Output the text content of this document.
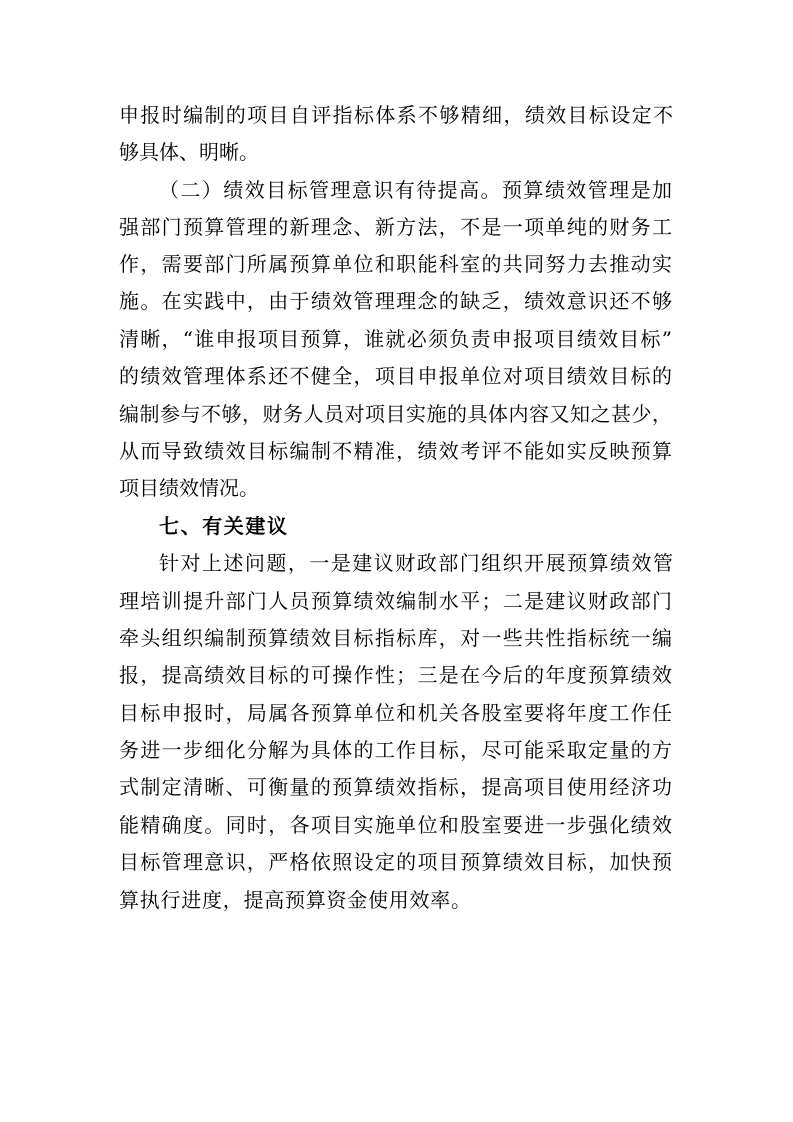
申报时编制的项目自评指标体系不够精细，绩效目标设定不
够具体、明晰。
（二）绩效目标管理意识有待提高。预算绩效管理是加
强部门预算管理的新理念、新方法，不是一项单纯的财务工
作，需要部门所属预算单位和职能科室的共同努力去推动实
施。在实践中，由于绩效管理理念的缺乏，绩效意识还不够
清晰，“谁申报项目预算，谁就必须负责申报项目绩效目标”
的绩效管理体系还不健全，项目申报单位对项目绩效目标的
编制参与不够，财务人员对项目实施的具体内容又知之甚少，
从而导致绩效目标编制不精准，绩效考评不能如实反映预算
项目绩效情况。
七、有关建议
针对上述问题，一是建议财政部门组织开展预算绩效管
理培训提升部门人员预算绩效编制水平；二是建议财政部门
牵头组织编制预算绩效目标指标库，对一些共性指标统一编
报，提高绩效目标的可操作性；三是在今后的年度预算绩效
目标申报时，局属各预算单位和机关各股室要将年度工作任
务进一步细化分解为具体的工作目标，尽可能采取定量的方
式制定清晰、可衡量的预算绩效指标，提高项目使用经济功
能精确度。同时，各项目实施单位和股室要进一步强化绩效
目标管理意识，严格依照设定的项目预算绩效目标，加快预
算执行进度，提高预算资金使用效率。
